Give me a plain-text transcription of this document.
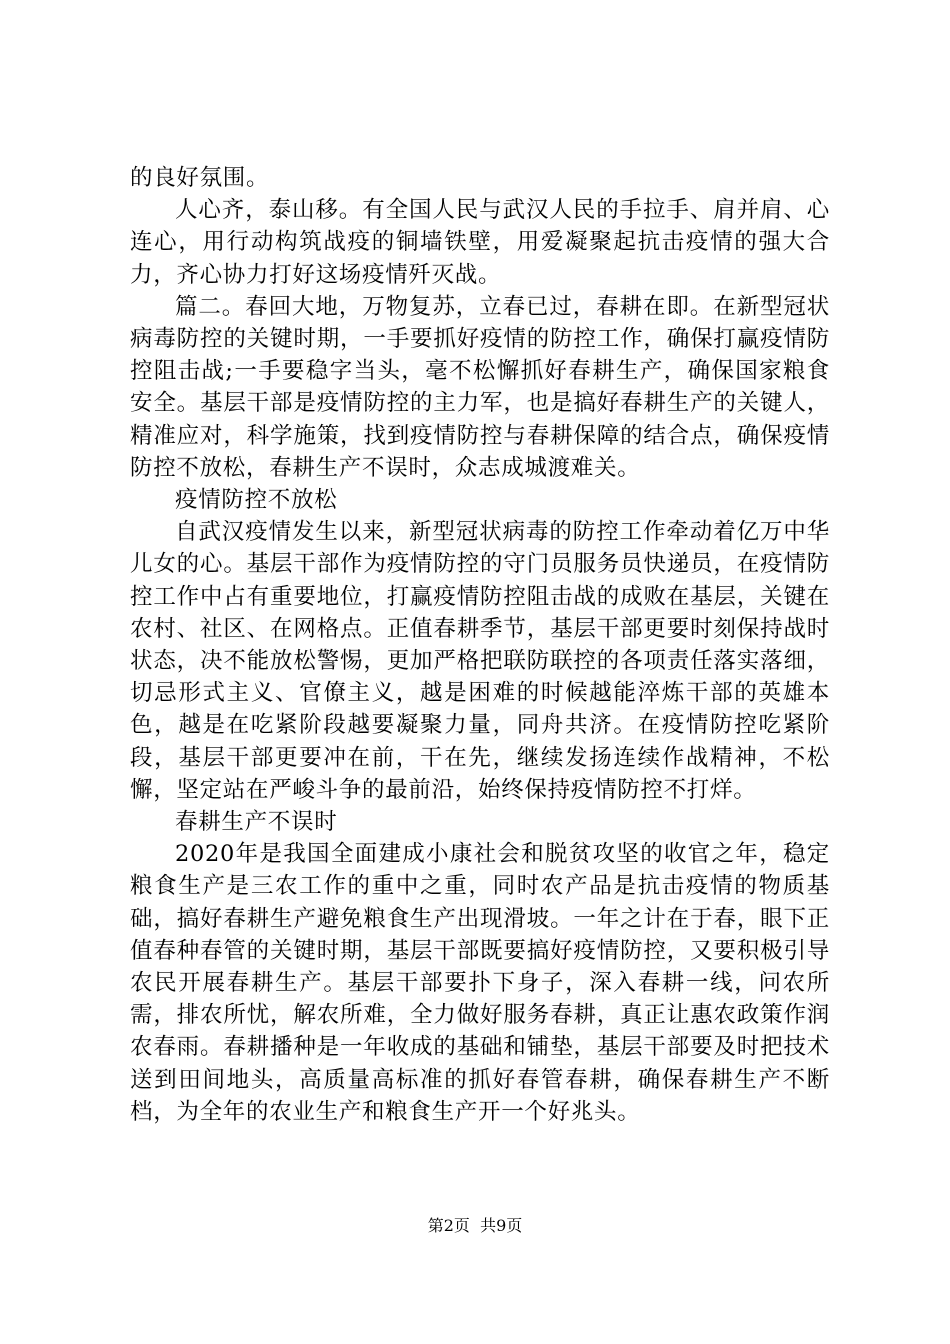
的良好氛围。

人心齐，泰山移。有全国人民与武汉人民的手拉手、肩并肩、心连心，用行动构筑战疫的铜墙铁壁，用爱凝聚起抗击疫情的强大合力，齐心协力打好这场疫情歼灭战。

篇二。春回大地，万物复苏，立春已过，春耕在即。在新型冠状病毒防控的关键时期，一手要抓好疫情的防控工作，确保打赢疫情防控阻击战;一手要稳字当头，毫不松懈抓好春耕生产，确保国家粮食安全。基层干部是疫情防控的主力军，也是搞好春耕生产的关键人，精准应对，科学施策，找到疫情防控与春耕保障的结合点，确保疫情防控不放松，春耕生产不误时，众志成城渡难关。

疫情防控不放松

自武汉疫情发生以来，新型冠状病毒的防控工作牵动着亿万中华儿女的心。基层干部作为疫情防控的守门员服务员快递员，在疫情防控工作中占有重要地位，打赢疫情防控阻击战的成败在基层，关键在农村、社区、在网格点。正值春耕季节，基层干部更要时刻保持战时状态，决不能放松警惕，更加严格把联防联控的各项责任落实落细，切忌形式主义、官僚主义，越是困难的时候越能淬炼干部的英雄本色，越是在吃紧阶段越要凝聚力量，同舟共济。在疫情防控吃紧阶段，基层干部更要冲在前，干在先，继续发扬连续作战精神，不松懈，坚定站在严峻斗争的最前沿，始终保持疫情防控不打烊。

春耕生产不误时

2020年是我国全面建成小康社会和脱贫攻坚的收官之年，稳定粮食生产是三农工作的重中之重，同时农产品是抗击疫情的物质基础，搞好春耕生产避免粮食生产出现滑坡。一年之计在于春，眼下正值春种春管的关键时期，基层干部既要搞好疫情防控，又要积极引导农民开展春耕生产。基层干部要扑下身子，深入春耕一线，问农所需，排农所忧，解农所难，全力做好服务春耕，真正让惠农政策作润农春雨。春耕播种是一年收成的基础和铺垫，基层干部要及时把技术送到田间地头，高质量高标准的抓好春管春耕，确保春耕生产不断档，为全年的农业生产和粮食生产开一个好兆头。

第2页  共9页
